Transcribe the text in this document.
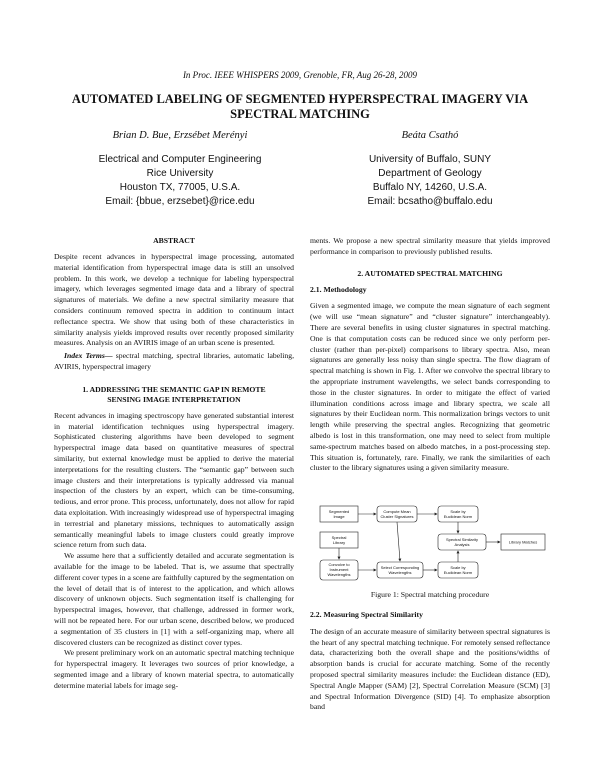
In Proc. IEEE WHISPERS 2009, Grenoble, FR, Aug 26-28, 2009
AUTOMATED LABELING OF SEGMENTED HYPERSPECTRAL IMAGERY VIA SPECTRAL MATCHING
Brian D. Bue, Erzsébet Merényi
Electrical and Computer Engineering
Rice University
Houston TX, 77005, U.S.A.
Email: {bbue, erzsebet}@rice.edu
Beáta Csathó
University of Buffalo, SUNY
Department of Geology
Buffalo NY, 14260, U.S.A.
Email: bcsatho@buffalo.edu
ABSTRACT

Despite recent advances in hyperspectral image processing, automated material identification from hyperspectral image data is still an unsolved problem. In this work, we develop a technique for labeling hyperspectral imagery, which leverages segmented image data and a library of spectral signatures of materials. We define a new spectral similarity measure that considers continuum removed spectra in addition to continuum intact reflectance spectra. We show that using both of these characteristics in similarity analysis yields improved results over recently proposed similarity measures. Analysis on an AVIRIS image of an urban scene is presented.

Index Terms— spectral matching, spectral libraries, automatic labeling, AVIRIS, hyperspectral imagery

1. ADDRESSING THE SEMANTIC GAP IN REMOTE
SENSING IMAGE INTERPRETATION

Recent advances in imaging spectroscopy have generated substantial interest in material identification techniques using hyperspectral imagery. Sophisticated clustering algorithms have been developed to segment hyperspectral image data based on quantitative measures of spectral similarity, but external knowledge must be applied to derive the material interpretations for the resulting clusters. The “semantic gap” between such image clusters and their interpretations is typically addressed via manual inspection of the clusters by an expert, which can be time-consuming, tedious, and error prone. This process, unfortunately, does not allow for rapid data exploitation. With increasingly widespread use of hyperspectral imaging in terrestrial and planetary missions, techniques to automatically assign semantically meaningful labels to image clusters could greatly improve science return from such data.

We assume here that a sufficiently detailed and accurate segmentation is available for the image to be labeled. That is, we assume that spectrally different cover types in a scene are faithfully captured by the segmentation on the level of detail that is of interest to the application, and which allows discovery of unknown objects. Such segmentation itself is challenging for hyperspectral images, however, that challenge, addressed in former work, will not be repeated here. For our urban scene, described below, we produced a segmentation of 35 clusters in [1] with a self-organizing map, where all discovered clusters can be recognized as distinct cover types.

We present preliminary work on an automatic spectral matching technique for hyperspectral imagery. It leverages two sources of prior knowledge, a segmented image and a library of known material spectra, to automatically determine material labels for image seg-

ments. We propose a new spectral similarity measure that yields improved performance in comparison to previously published results.

2. AUTOMATED SPECTRAL MATCHING
2.1. Methodology

Given a segmented image, we compute the mean signature of each segment (we will use “mean signature” and “cluster signature” interchangeably). There are several benefits in using cluster signatures in spectral matching. One is that computation costs can be reduced since we only perform per-cluster (rather than per-pixel) comparisons to library spectra. Also, mean signatures are generally less noisy than single spectra. The flow diagram of spectral matching is shown in Fig. 1. After we convolve the spectral library to the appropriate instrument wavelengths, we select bands corresponding to those in the cluster signatures. In order to mitigate the effect of varied illumination conditions across image and library spectra, we scale all signatures by their Euclidean norm. This normalization brings vectors to unit length while preserving the spectral angles. Recognizing that geometric albedo is lost in this transformation, one may need to select from multiple same-spectrum matches based on albedo matches, in a post-processing step. This situation is, fortunately, rare. Finally, we rank the similarities of each cluster to the library signatures using a given similarity measure.

Segmented
Image
Compute Mean
Cluster Signatures
Scale by
Euclidean Norm
Spectral
Library
Spectral Similarity
Analysis	Library Matches
Convolve to
Instrument
Wavelengths
Select Corresponding
Wavelengths
Scale by
Euclidean Norm
Figure 1: Spectral matching procedure
2.2. Measuring Spectral Similarity

The design of an accurate measure of similarity between spectral signatures is the heart of any spectral matching technique. For remotely sensed reflectance data, characterizing both the overall shape and the positions/widths of absorption bands is crucial for accurate matching. Some of the recently proposed spectral similarity measures include: the Euclidean distance (ED), Spectral Angle Mapper (SAM) [2], Spectral Correlation Measure (SCM) [3] and Spectral Information Divergence (SID) [4]. To emphasize absorption band
